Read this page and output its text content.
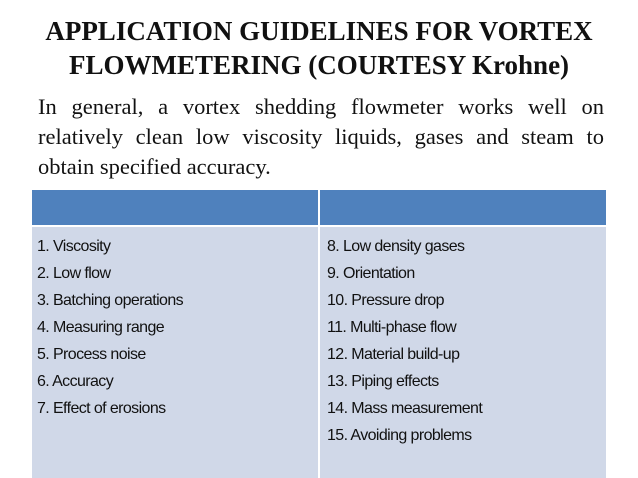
APPLICATION GUIDELINES FOR VORTEX
FLOWMETERING (COURTESY Krohne)
In general, a vortex shedding flowmeter works well on relatively clean low viscosity liquids, gases and steam to obtain specified accuracy.
1. Viscosity
2. Low flow
3. Batching operations
4. Measuring range
5. Process noise
6. Accuracy
7. Effect of erosions
8. Low density gases
9. Orientation
10. Pressure drop
11. Multi-phase flow
12. Material build-up
13. Piping effects
14. Mass measurement
15. Avoiding problems
